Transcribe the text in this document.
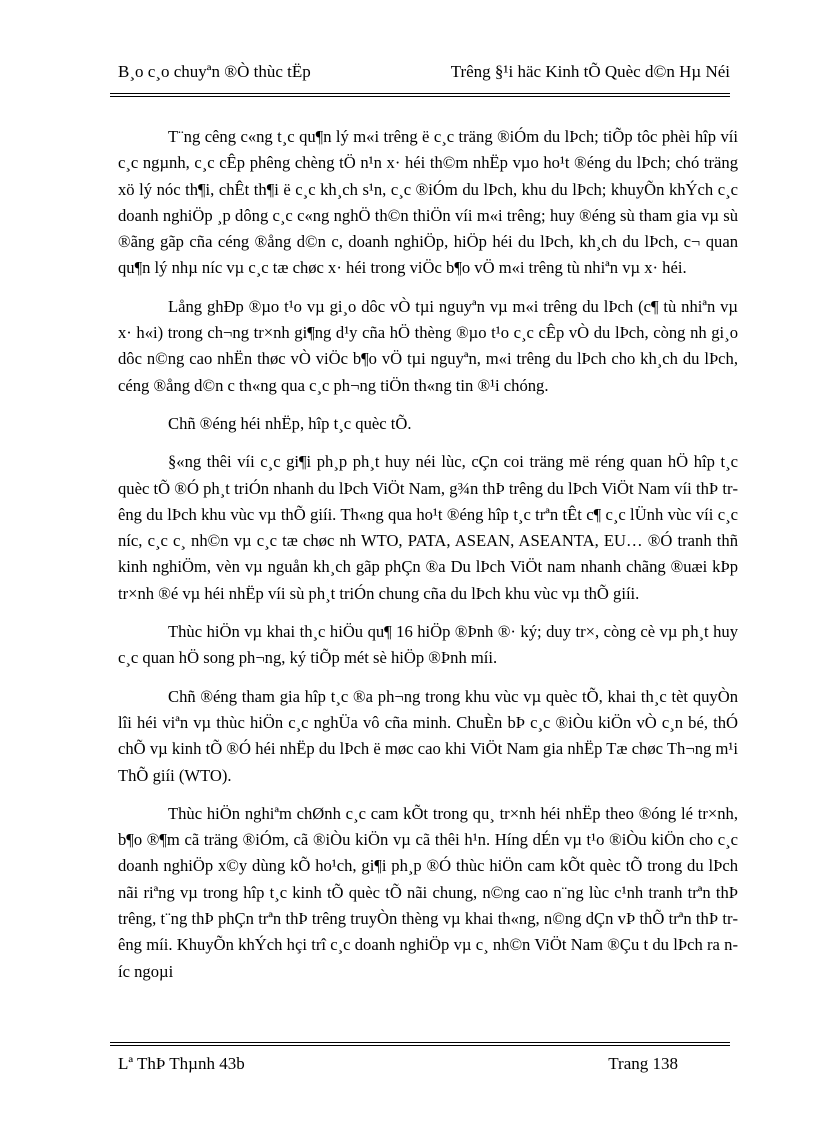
B¸o c¸o chuyªn ®Ò thùc tËp	Trêng §¹i häc Kinh tÕ Quèc d©n Hµ Néi

T¨ng cêng c«ng t¸c qu¶n lý m«i trêng ë c¸c träng ®iÓm du lÞch; tiÕp tôc phèi hîp víi c¸c ngµnh, c¸c cÊp phêng chèng tÖ n¹n x· héi th©m nhËp vµo ho¹t ®éng du lÞch; chó träng xö lý nóc th¶i, chÊt th¶i ë c¸c kh¸ch s¹n, c¸c ®iÓm du lÞch, khu du lÞch; khuyÕn khÝch c¸c doanh nghiÖp ¸p dông c¸c c«ng nghÖ th©n thiÖn víi m«i trêng; huy ®éng sù tham gia vµ sù ®ãng gãp cña céng ®ång d©n c, doanh nghiÖp, hiÖp héi du lÞch, kh¸ch du lÞch, c¬ quan qu¶n lý nhµ níc vµ c¸c tæ chøc x· héi trong viÖc b¶o vÖ m«i trêng tù nhiªn vµ x· héi.

Lång ghÐp ®µo t¹o vµ gi¸o dôc vÒ tµi nguyªn vµ m«i trêng du lÞch (c¶ tù nhiªn vµ x· h«i) trong ch¬ng tr×nh gi¶ng d¹y cña hÖ thèng ®µo t¹o c¸c cÊp vÒ du lÞch, còng nh gi¸o dôc n©ng cao nhËn thøc vÒ viÖc b¶o vÖ tµi nguyªn, m«i trêng du lÞch cho kh¸ch du lÞch, céng ®ång d©n c th«ng qua c¸c ph¬ng tiÖn th«ng tin ®¹i chóng.

Chñ ®éng héi nhËp, hîp t¸c quèc tÕ.

§«ng thêi víi c¸c gi¶i ph¸p ph¸t huy néi lùc, cÇn coi träng më réng quan hÖ hîp t¸c quèc tÕ ®Ó ph¸t triÓn nhanh du lÞch ViÖt Nam, g¾n thÞ trêng du lÞch ViÖt Nam víi thÞ trêng du lÞch khu vùc vµ thÕ giíi. Th«ng qua ho¹t ®éng hîp t¸c trªn tÊt c¶ c¸c lÜnh vùc víi c¸c níc, c¸c c¸ nh©n vµ c¸c tæ chøc nh WTO, PATA, ASEAN, ASEANTA, EU… ®Ó tranh thñ kinh nghiÖm, vèn vµ nguån kh¸ch gãp phÇn ®a Du lÞch ViÖt nam nhanh chãng ®uæi kÞp tr×nh ®é vµ héi nhËp víi sù ph¸t triÓn chung cña du lÞch khu vùc vµ thÕ giíi.

Thùc hiÖn vµ khai th¸c hiÖu qu¶ 16 hiÖp ®Þnh ®· ký; duy tr×, còng cè vµ ph¸t huy c¸c quan hÖ song ph¬ng, ký tiÕp mét sè hiÖp ®Þnh míi.

Chñ ®éng tham gia hîp t¸c ®a ph¬ng trong khu vùc vµ quèc tÕ, khai th¸c tèt quyÒn lîi héi viªn vµ thùc hiÖn c¸c nghÜa vô cña minh. ChuÈn bÞ c¸c ®iÒu kiÖn vÒ c¸n bé, thÓ chÕ vµ kinh tÕ ®Ó héi nhËp du lÞch ë møc cao khi ViÖt Nam gia nhËp Tæ chøc Th¬ng m¹i ThÕ giíi (WTO).

Thùc hiÖn nghiªm chØnh c¸c cam kÕt trong qu¸ tr×nh héi nhËp theo ®óng lé tr×nh, b¶o ®¶m cã träng ®iÓm, cã ®iÒu kiÖn vµ cã thêi h¹n. Híng dÉn vµ t¹o ®iÒu kiÖn cho c¸c doanh nghiÖp x©y dùng kÕ ho¹ch, gi¶i ph¸p ®Ó thùc hiÖn cam kÕt quèc tÕ trong du lÞch nãi riªng vµ trong hîp t¸c kinh tÕ quèc tÕ nãi chung, n©ng cao n¨ng lùc c¹nh tranh trªn thÞ trêng, t¨ng thÞ phÇn trªn thÞ trêng truyÒn thèng vµ khai th«ng, n©ng dÇn vÞ thÕ trªn thÞ trêng míi. KhuyÕn khÝch hçi trî c¸c doanh nghiÖp vµ c¸ nh©n ViÖt Nam ®Çu t du lÞch ra níc ngoµi

Lª ThÞ Thµnh 43b	Trang 138
